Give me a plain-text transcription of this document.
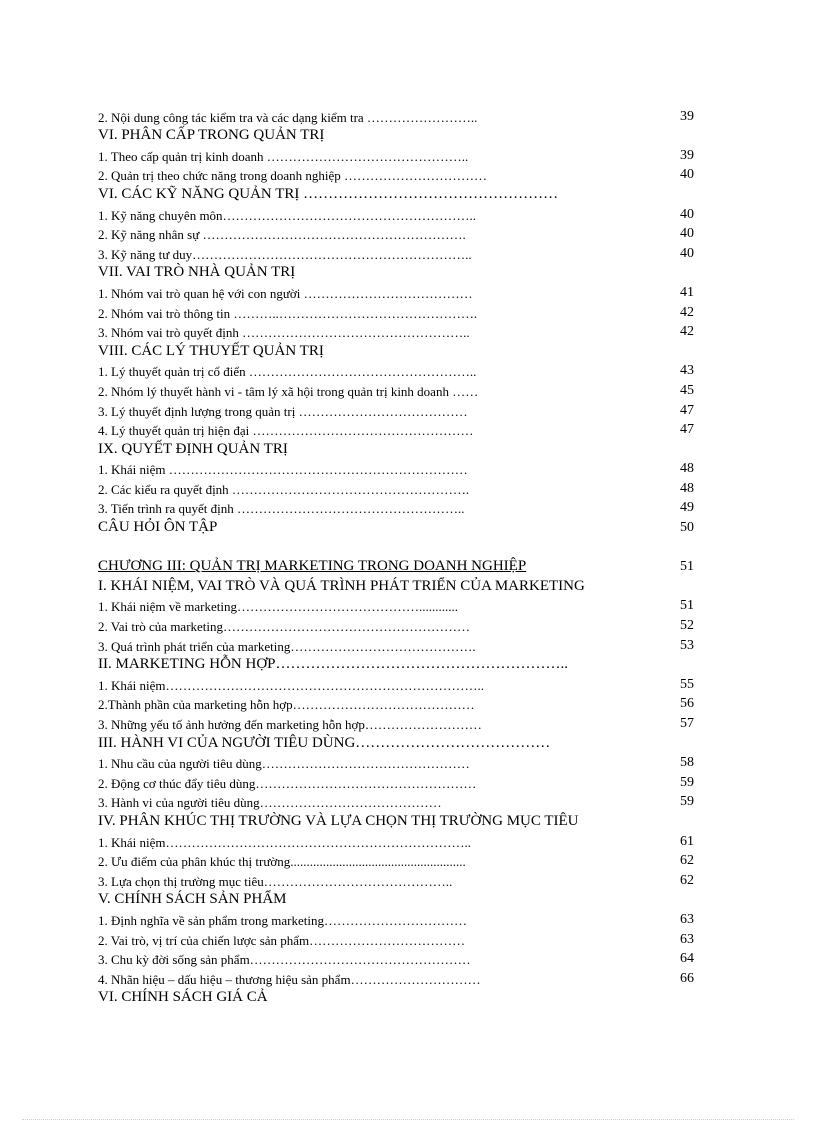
2. Nội dung công tác kiểm tra và các dạng kiểm tra ……………………..	39
VI. PHÂN CẤP TRONG QUẢN TRỊ
1. Theo cấp quản trị kinh doanh ………………………………………..	39
2. Quản trị theo chức năng trong doanh nghiệp ……………………………	40
VI. CÁC KỸ NĂNG QUẢN TRỊ ……………………………………………
1. Kỹ năng chuyên môn…………………………………………………..	40
2. Kỹ năng nhân sự …………………………………………………….	40
3. Kỹ năng tư duy………………………………………………………..	40
VII. VAI TRÒ NHÀ QUẢN TRỊ
1. Nhóm vai trò quan hệ với con người …………………………………	41
2. Nhóm vai trò thông tin ………..……………………………………….	42
3. Nhóm vai trò quyết định ……………………………………………..	42
VIII. CÁC LÝ THUYẾT QUẢN TRỊ
1. Lý thuyết quản trị cổ điển ……………………………………………..	43
2. Nhóm lý thuyết hành vi - tâm lý xã hội trong quản trị kinh doanh ……	45
3. Lý thuyết định lượng trong quản trị …………………………………	47
4. Lý thuyết quản trị hiện đại ……………………………………………	47
IX. QUYẾT ĐỊNH QUẢN TRỊ
1. Khái niệm ……………………………………………………………	48
2. Các kiểu ra quyết định ……………………………………………….	48
3. Tiến trình ra quyết định ……………………………………………..	49
CÂU HỎI ÔN TẬP	50
CHƯƠNG III: QUẢN TRỊ MARKETING TRONG DOANH NGHIỆP	51
I. KHÁI NIỆM, VAI TRÒ VÀ QUÁ TRÌNH PHÁT TRIỂN CỦA MARKETING
1. Khái niệm về marketing……………………………………............	51
2. Vai trò của marketing…………………………………………………	52
3. Quá trình phát triển của marketing…………………………………….	53
II. MARKETING HỖN HỢP…………………………………………………..
1. Khái niệm………………………………………………………………..	55
2.Thành phần của marketing hỗn hợp……………………………………	56
3. Những yếu tố ảnh hưởng đến marketing hỗn hợp………………………	57
III. HÀNH VI CỦA NGƯỜI TIÊU DÙNG…………………………………
1. Nhu cầu của người tiêu dùng…………………………………………	58
2. Động cơ thúc đẩy tiêu dùng……………………………………………	59
3. Hành vi của người tiêu dùng……………………………………	59
IV. PHÂN KHÚC THỊ TRƯỜNG VÀ LỰA CHỌN THỊ TRƯỜNG MỤC TIÊU
1. Khái niệm……………………………………………………………..	61
2. Ưu điểm của phân khúc thị trường......................................................	62
3. Lựa chọn thị trường mục tiêu……………………………………..	62
V. CHÍNH SÁCH SẢN PHẨM
1. Định nghĩa về sản phẩm trong marketing……………………………	63
2. Vai trò, vị trí của chiến lược sản phẩm………………………………	63
3. Chu kỳ đời sống sản phẩm……………………………………………	64
4. Nhãn hiệu – dấu hiệu – thương hiệu sản phẩm…………………………	66
VI. CHÍNH SÁCH GIÁ CẢ
